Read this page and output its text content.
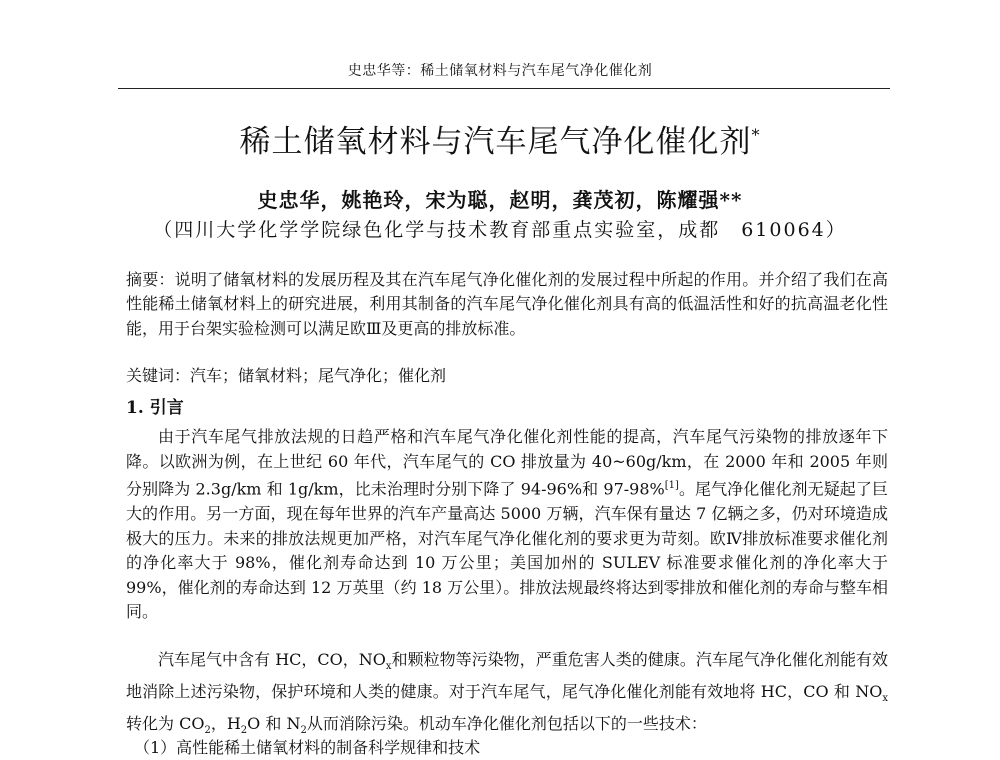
史忠华等：稀土储氧材料与汽车尾气净化催化剂
稀土储氧材料与汽车尾气净化催化剂*
史忠华，姚艳玲，宋为聪，赵明，龚茂初，陈耀强**
（四川大学化学学院绿色化学与技术教育部重点实验室，成都　610064）
摘要：说明了储氧材料的发展历程及其在汽车尾气净化催化剂的发展过程中所起的作用。并介绍了我们在高性能稀土储氧材料上的研究进展，利用其制备的汽车尾气净化催化剂具有高的低温活性和好的抗高温老化性能，用于台架实验检测可以满足欧Ⅲ及更高的排放标准。
关键词：汽车；储氧材料；尾气净化；催化剂
1. 引言
由于汽车尾气排放法规的日趋严格和汽车尾气净化催化剂性能的提高，汽车尾气污染物的排放逐年下降。以欧洲为例，在上世纪 60 年代，汽车尾气的 CO 排放量为 40~60g/km，在 2000 年和 2005 年则分别降为 2.3g/km 和 1g/km，比未治理时分别下降了 94-96%和 97-98%[1]。尾气净化催化剂无疑起了巨大的作用。另一方面，现在每年世界的汽车产量高达 5000 万辆，汽车保有量达 7 亿辆之多，仍对环境造成极大的压力。未来的排放法规更加严格，对汽车尾气净化催化剂的要求更为苛刻。欧Ⅳ排放标准要求催化剂的净化率大于 98%，催化剂寿命达到 10 万公里；美国加州的 SULEV 标准要求催化剂的净化率大于 99%，催化剂的寿命达到 12 万英里（约 18 万公里）。排放法规最终将达到零排放和催化剂的寿命与整车相同。
汽车尾气中含有 HC，CO，$NO_x$和颗粒物等污染物，严重危害人类的健康。汽车尾气净化催化剂能有效地消除上述污染物，保护环境和人类的健康。对于汽车尾气，尾气净化催化剂能有效地将 HC，CO 和 $NO_x$转化为 $CO_2$，$H_2O$ 和 $N_2$从而消除污染。机动车净化催化剂包括以下的一些技术：
（1）高性能稀土储氧材料的制备科学规律和技术
